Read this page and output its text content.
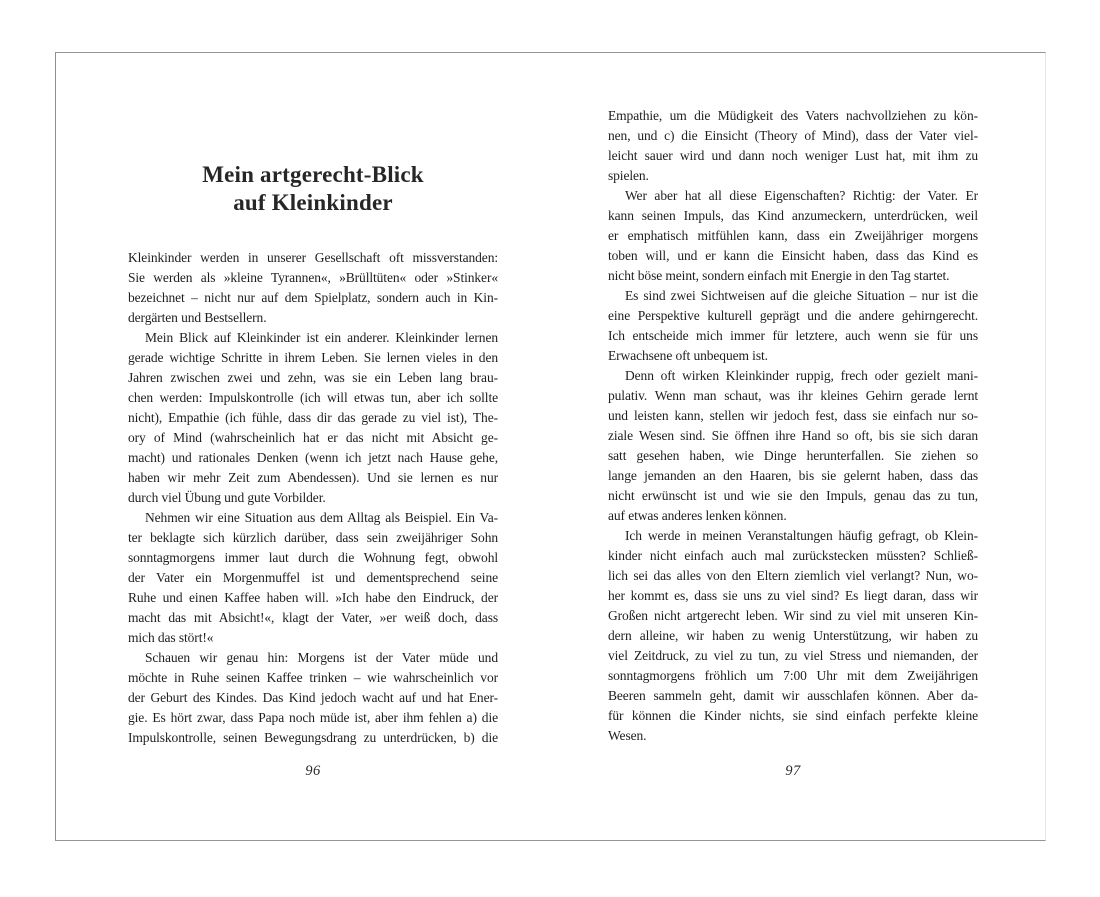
Mein artgerecht-Blick
auf Kleinkinder
Kleinkinder werden in unserer Gesellschaft oft missverstanden:
Sie werden als »kleine Tyrannen«, »Brülltüten« oder »Stinker«
bezeichnet – nicht nur auf dem Spielplatz, sondern auch in Kin-
dergärten und Bestsellern.
Mein Blick auf Kleinkinder ist ein anderer. Kleinkinder lernen
gerade wichtige Schritte in ihrem Leben. Sie lernen vieles in den
Jahren zwischen zwei und zehn, was sie ein Leben lang brau-
chen werden: Impulskontrolle (ich will etwas tun, aber ich sollte
nicht), Empathie (ich fühle, dass dir das gerade zu viel ist), The-
ory of Mind (wahrscheinlich hat er das nicht mit Absicht ge-
macht) und rationales Denken (wenn ich jetzt nach Hause gehe,
haben wir mehr Zeit zum Abendessen). Und sie lernen es nur
durch viel Übung und gute Vorbilder.
Nehmen wir eine Situation aus dem Alltag als Beispiel. Ein Va-
ter beklagte sich kürzlich darüber, dass sein zweijähriger Sohn
sonntagmorgens immer laut durch die Wohnung fegt, obwohl
der Vater ein Morgenmuffel ist und dementsprechend seine
Ruhe und einen Kaffee haben will. »Ich habe den Eindruck, der
macht das mit Absicht!«, klagt der Vater, »er weiß doch, dass
mich das stört!«
Schauen wir genau hin: Morgens ist der Vater müde und
möchte in Ruhe seinen Kaffee trinken – wie wahrscheinlich vor
der Geburt des Kindes. Das Kind jedoch wacht auf und hat Ener-
gie. Es hört zwar, dass Papa noch müde ist, aber ihm fehlen a) die
Impulskontrolle, seinen Bewegungsdrang zu unterdrücken, b) die
96
Empathie, um die Müdigkeit des Vaters nachvollziehen zu kön-
nen, und c) die Einsicht (Theory of Mind), dass der Vater viel-
leicht sauer wird und dann noch weniger Lust hat, mit ihm zu
spielen.
Wer aber hat all diese Eigenschaften? Richtig: der Vater. Er
kann seinen Impuls, das Kind anzumeckern, unterdrücken, weil
er emphatisch mitfühlen kann, dass ein Zweijähriger morgens
toben will, und er kann die Einsicht haben, dass das Kind es
nicht böse meint, sondern einfach mit Energie in den Tag startet.
Es sind zwei Sichtweisen auf die gleiche Situation – nur ist die
eine Perspektive kulturell geprägt und die andere gehirngerecht.
Ich entscheide mich immer für letztere, auch wenn sie für uns
Erwachsene oft unbequem ist.
Denn oft wirken Kleinkinder ruppig, frech oder gezielt mani-
pulativ. Wenn man schaut, was ihr kleines Gehirn gerade lernt
und leisten kann, stellen wir jedoch fest, dass sie einfach nur so-
ziale Wesen sind. Sie öffnen ihre Hand so oft, bis sie sich daran
satt gesehen haben, wie Dinge herunterfallen. Sie ziehen so
lange jemanden an den Haaren, bis sie gelernt haben, dass das
nicht erwünscht ist und wie sie den Impuls, genau das zu tun,
auf etwas anderes lenken können.
Ich werde in meinen Veranstaltungen häufig gefragt, ob Klein-
kinder nicht einfach auch mal zurückstecken müssten? Schließ-
lich sei das alles von den Eltern ziemlich viel verlangt? Nun, wo-
her kommt es, dass sie uns zu viel sind? Es liegt daran, dass wir
Großen nicht artgerecht leben. Wir sind zu viel mit unseren Kin-
dern alleine, wir haben zu wenig Unterstützung, wir haben zu
viel Zeitdruck, zu viel zu tun, zu viel Stress und niemanden, der
sonntagmorgens fröhlich um 7:00 Uhr mit dem Zweijährigen
Beeren sammeln geht, damit wir ausschlafen können. Aber da-
für können die Kinder nichts, sie sind einfach perfekte kleine
Wesen.
97
